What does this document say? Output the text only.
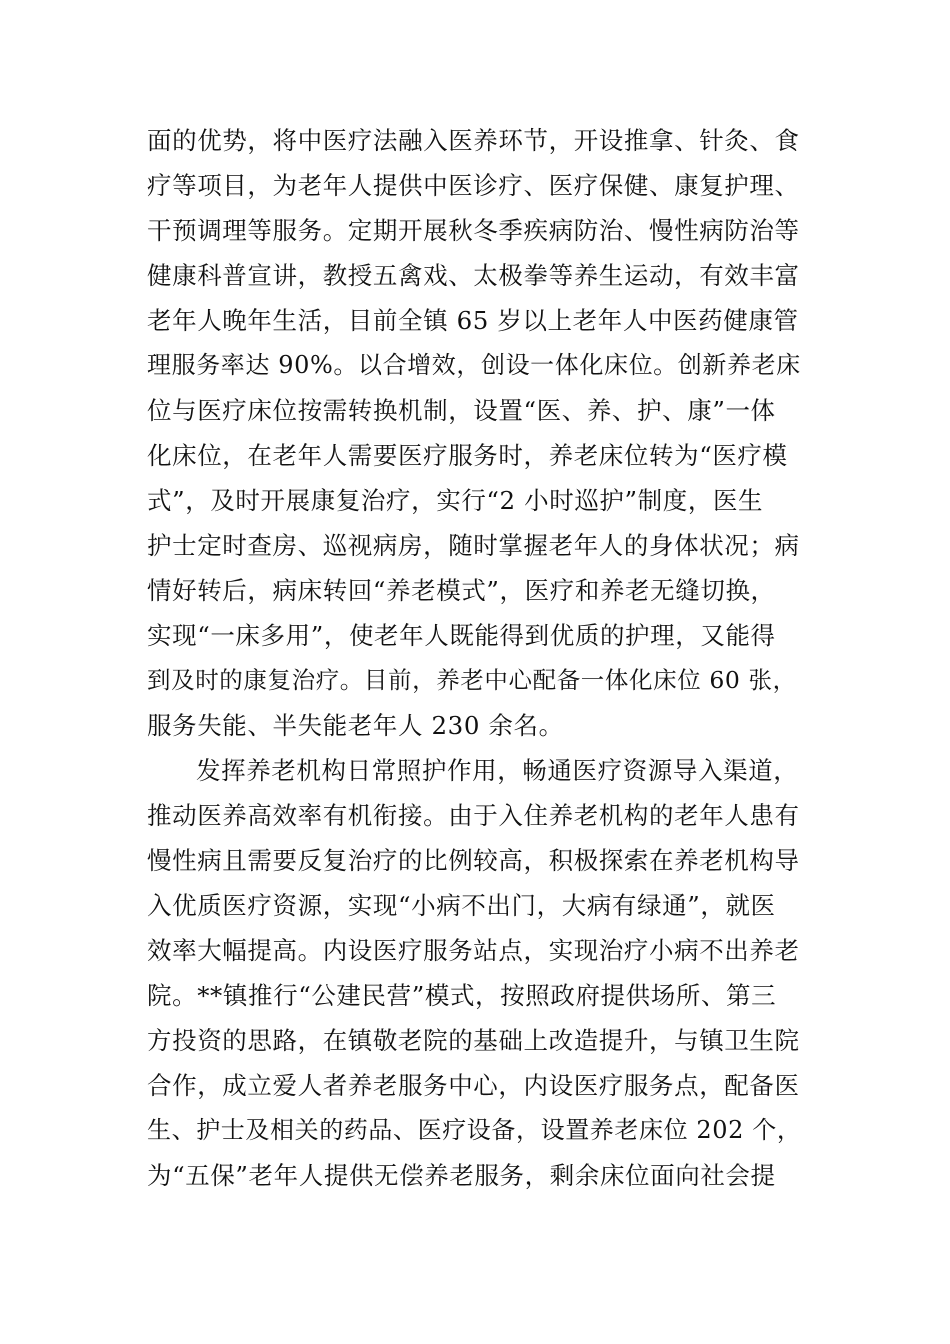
面的优势，将中医疗法融入医养环节，开设推拿、针灸、食
疗等项目，为老年人提供中医诊疗、医疗保健、康复护理、
干预调理等服务。定期开展秋冬季疾病防治、慢性病防治等
健康科普宣讲，教授五禽戏、太极拳等养生运动，有效丰富
老年人晚年生活，目前全镇 65 岁以上老年人中医药健康管
理服务率达 90%。以合增效，创设一体化床位。创新养老床
位与医疗床位按需转换机制，设置“医、养、护、康”一体
化床位，在老年人需要医疗服务时，养老床位转为“医疗模
式”，及时开展康复治疗，实行“2 小时巡护”制度，医生
护士定时查房、巡视病房，随时掌握老年人的身体状况；病
情好转后，病床转回“养老模式”，医疗和养老无缝切换，
实现“一床多用”，使老年人既能得到优质的护理，又能得
到及时的康复治疗。目前，养老中心配备一体化床位 60 张，
服务失能、半失能老年人 230 余名。
发挥养老机构日常照护作用，畅通医疗资源导入渠道，
推动医养高效率有机衔接。由于入住养老机构的老年人患有
慢性病且需要反复治疗的比例较高，积极探索在养老机构导
入优质医疗资源，实现“小病不出门，大病有绿通”，就医
效率大幅提高。内设医疗服务站点，实现治疗小病不出养老
院。**镇推行“公建民营”模式，按照政府提供场所、第三
方投资的思路，在镇敬老院的基础上改造提升，与镇卫生院
合作，成立爱人者养老服务中心，内设医疗服务点，配备医
生、护士及相关的药品、医疗设备，设置养老床位 202 个，
为“五保”老年人提供无偿养老服务，剩余床位面向社会提
